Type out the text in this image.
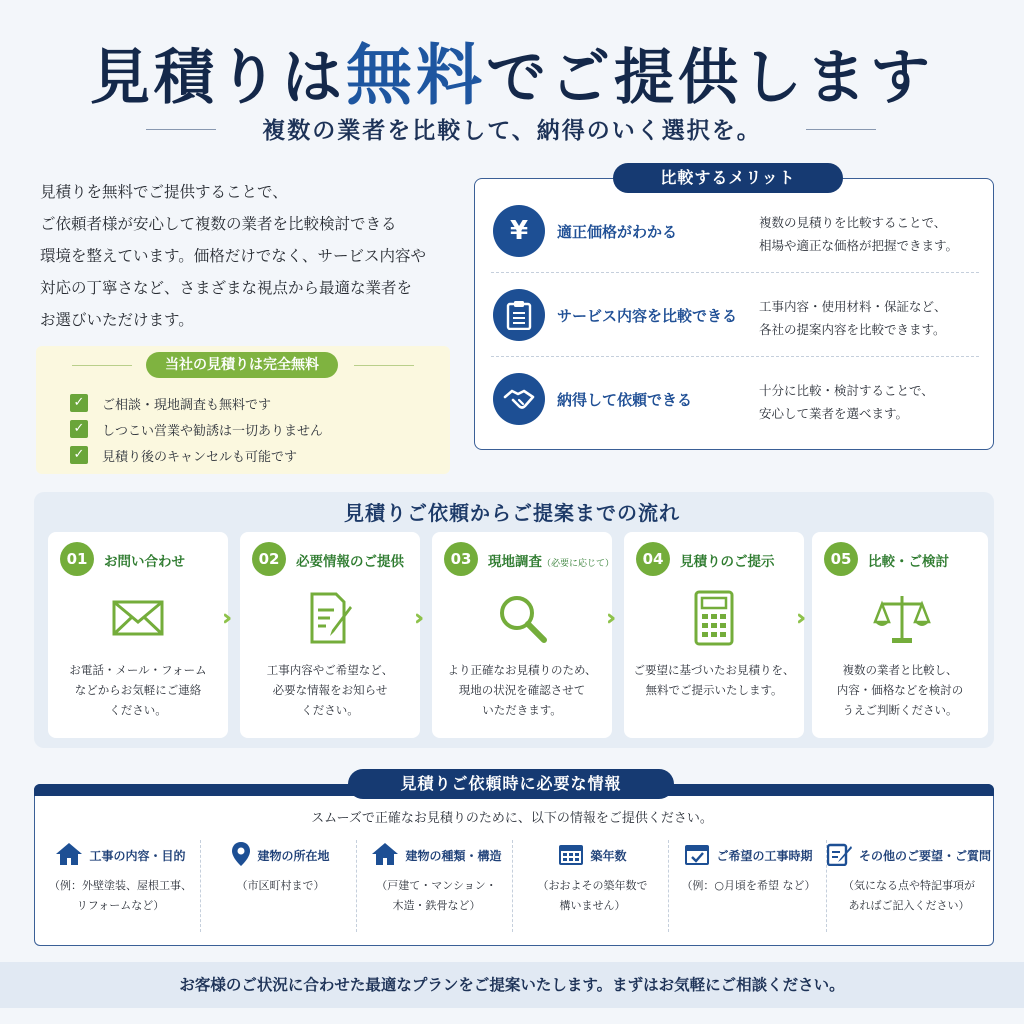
見積りは無料でご提供します
複数の業者を比較して、納得のいく選択を。

見積りを無料でご提供することで、

ご依頼者様が安心して複数の業者を比較検討できる

環境を整えています。価格だけでなく、サービス内容や

対応の丁寧さなど、さまざまな視点から最適な業者を

お選びいただけます。

当社の見積りは完全無料
✓ ご相談・現地調査も無料です
✓ しつこい営業や勧誘は一切ありません
✓ 見積り後のキャンセルも可能です
¥	適正価格がわかる
複数の見積りを比較することで、
相場や適正な価格が把握できます。
サービス内容を比較できる
工事内容・使用材料・保証など、
各社の提案内容を比較できます。
納得して依頼できる
十分に比較・検討することで、
安心して業者を選べます。
比較するメリット
見積りご依頼からご提案までの流れ
01	お問い合わせ
お電話・メール・フォーム
などからお気軽にご連絡
ください。
››
02	必要情報のご提供
工事内容やご希望など、
必要な情報をお知らせ
ください。
››
03	現地調査（必要に応じて）
より正確なお見積りのため、
現地の状況を確認させて
いただきます。
››
04	見積りのご提示
ご要望に基づいたお見積りを、
無料でご提示いたします。
››
05	比較・ご検討
複数の業者と比較し、
内容・価格などを検討の
うえご判断ください。
見積りご依頼時に必要な情報
スムーズで正確なお見積りのために、以下の情報をご提供ください。
工事の内容・目的
（例：外壁塗装、屋根工事、
リフォームなど）
建物の所在地
（市区町村まで）
建物の種類・構造
（戸建て・マンション・
木造・鉄骨など）
築年数
（おおよその築年数で
構いません）
ご希望の工事時期
（例：○月頃を希望 など）
その他のご要望・ご質問
（気になる点や特記事項が
あればご記入ください）
お客様のご状況に合わせた最適なプランをご提案いたします。まずはお気軽にご相談ください。
